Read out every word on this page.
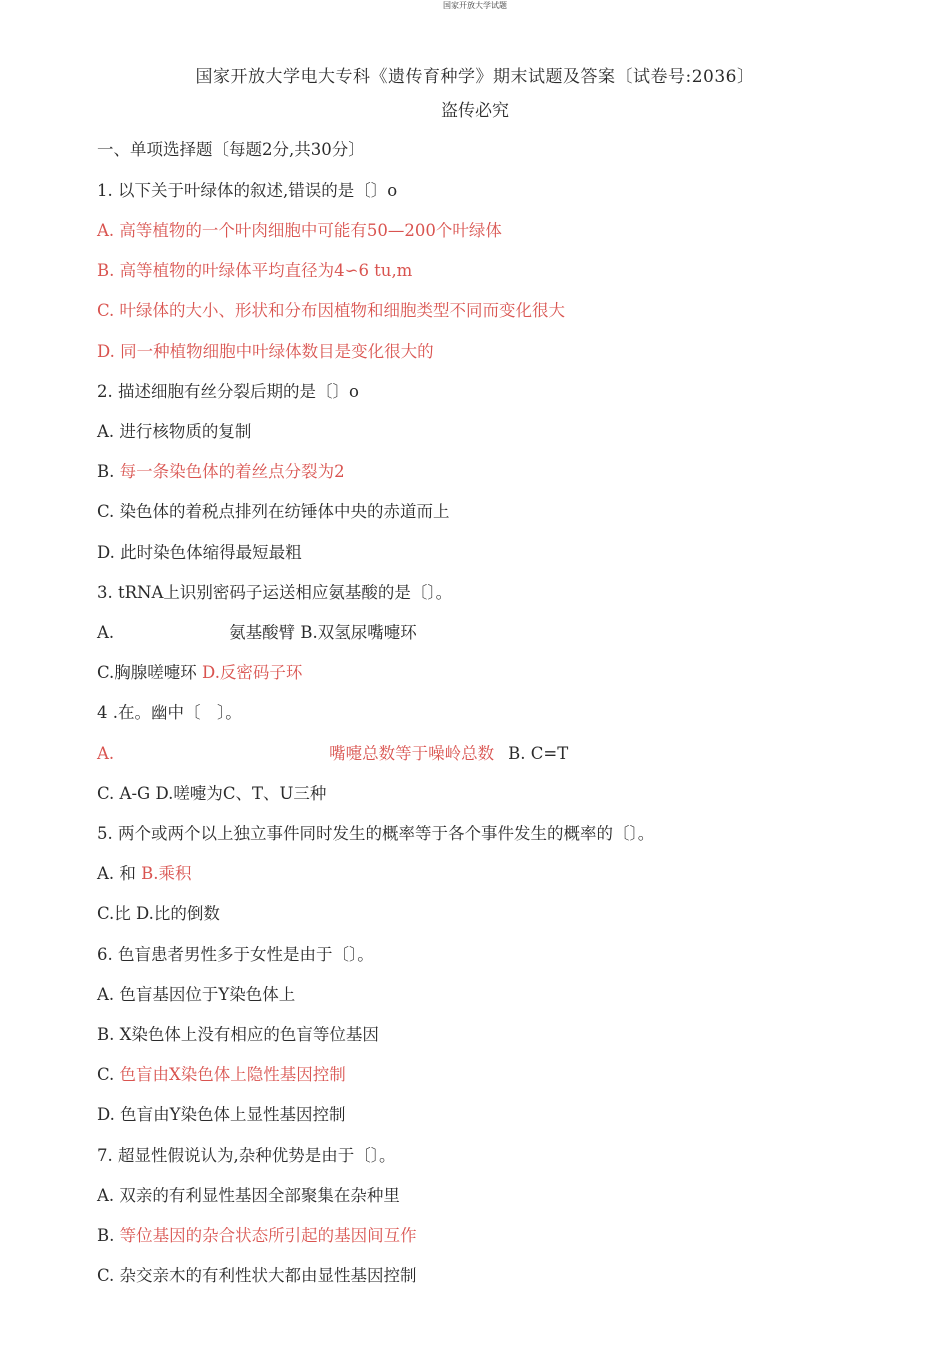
国家开放大学试题
国家开放大学电大专科《遗传育种学》期末试题及答案〔试卷号:2036〕
盗传必究
一、单项选择题〔每题2分,共30分〕
1. 以下关于叶绿体的叙述,错误的是〔〕o
A. 高等植物的一个叶肉细胞中可能有50—200个叶绿体
B. 高等植物的叶绿体平均直径为4∽6 tu,m
C. 叶绿体的大小、形状和分布因植物和细胞类型不同而变化很大
D. 同一种植物细胞中叶绿体数目是变化很大的
2. 描述细胞有丝分裂后期的是〔〕o
A. 进行核物质的复制
B. 每一条染色体的着丝点分裂为2
C. 染色体的着税点排列在纺锤体中央的赤道而上
D. 此时染色体缩得最短最粗
3. tRNA上识别密码子运送相应氨基酸的是〔〕。
A.	氨基酸臂 B.双氢尿嘴嚏环
C.胸腺嗟嚏环 D.反密码子环
4 .在。幽中〔　〕。
A.	嘴嚏总数等于噪岭总数 B. C=T
C. A-G D.嗟嚏为C、T、U三种
5. 两个或两个以上独立事件同时发生的概率等于各个事件发生的概率的〔〕。
A. 和 B.乘积
C.比 D.比的倒数
6. 色盲患者男性多于女性是由于〔〕。
A. 色盲基因位于Y染色体上
B. X染色体上没有相应的色盲等位基因
C. 色盲由X染色体上隐性基因控制
D. 色盲由Y染色体上显性基因控制
7. 超显性假说认为,杂种优势是由于〔〕。
A. 双亲的有利显性基因全部聚集在杂种里
B. 等位基因的杂合状态所引起的基因间互作
C. 杂交亲木的有利性状大都由显性基因控制
